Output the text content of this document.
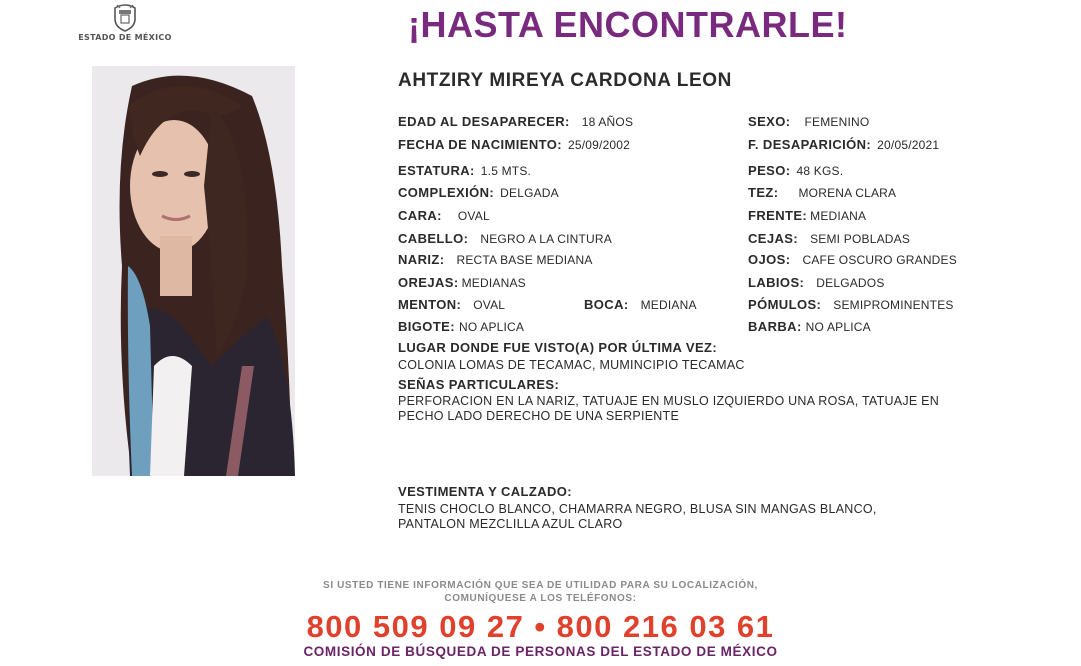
ESTADO DE MÉXICO	¡HASTA ENCONTRARLE!
AHTZIRY MIREYA CARDONA LEON
EDAD AL DESAPARECER: 18 AÑOS	SEXO: FEMENINO
FECHA DE NACIMIENTO: 25/09/2002	F. DESAPARICIÓN: 20/05/2021
ESTATURA: 1.5 MTS.	PESO: 48 KGS.
COMPLEXIÓN: DELGADA	TEZ: MORENA CLARA
CARA: OVAL	FRENTE: MEDIANA
CABELLO: NEGRO A LA CINTURA	CEJAS: SEMI POBLADAS
NARIZ: RECTA BASE MEDIANA	OJOS: CAFE OSCURO GRANDES
OREJAS: MEDIANAS	LABIOS: DELGADOS
MENTON: OVAL	BOCA: MEDIANA	PÓMULOS: SEMIPROMINENTES
BIGOTE: NO APLICA	BARBA: NO APLICA
LUGAR DONDE FUE VISTO(A) POR ÚLTIMA VEZ:
COLONIA LOMAS DE TECAMAC, MUMINCIPIO TECAMAC
SEÑAS PARTICULARES:
PERFORACION EN LA NARIZ, TATUAJE EN MUSLO IZQUIERDO UNA ROSA, TATUAJE EN PECHO LADO DERECHO DE UNA SERPIENTE
VESTIMENTA Y CALZADO:
TENIS CHOCLO BLANCO, CHAMARRA NEGRO, BLUSA SIN MANGAS BLANCO, PANTALON MEZCLILLA AZUL CLARO
SI USTED TIENE INFORMACIÓN QUE SEA DE UTILIDAD PARA SU LOCALIZACIÓN,
COMUNÍQUESE A LOS TELÉFONOS:
800 509 09 27 • 800 216 03 61
COMISIÓN DE BÚSQUEDA DE PERSONAS DEL ESTADO DE MÉXICO
